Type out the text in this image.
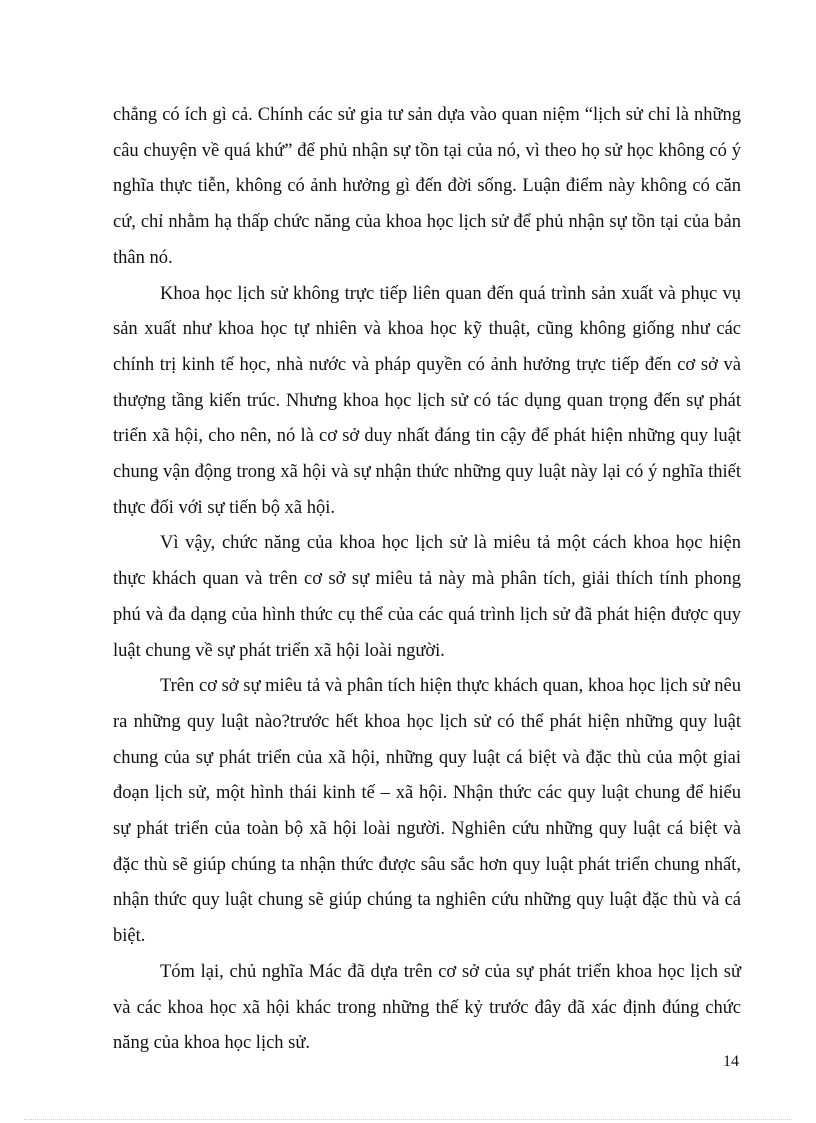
chẳng có ích gì cả. Chính các sử gia tư sản dựa vào quan niệm “lịch sử chỉ là những câu chuyện về quá khứ” để phủ nhận sự tồn tại của nó, vì theo họ sử học không có ý nghĩa thực tiễn, không có ảnh hưởng gì đến đời sống. Luận điểm này không có căn cứ, chỉ nhằm hạ thấp chức năng của khoa học lịch sử để phủ nhận sự tồn tại của bản thân nó.

Khoa học lịch sử không trực tiếp liên quan đến quá trình sản xuất và phục vụ sản xuất như khoa học tự nhiên và khoa học kỹ thuật, cũng không giống như các chính trị kinh tế học, nhà nước và pháp quyền có ảnh hưởng trực tiếp đến cơ sở và thượng tầng kiến trúc. Nhưng khoa học lịch sử có tác dụng quan trọng đến sự phát triển xã hội, cho nên, nó là cơ sở duy nhất đáng tin cậy để phát hiện những quy luật chung vận động trong xã hội và sự nhận thức những quy luật này lại có ý nghĩa thiết thực đối với sự tiến bộ xã hội.

Vì vậy, chức năng của khoa học lịch sử là miêu tả một cách khoa học hiện thực khách quan và trên cơ sở sự miêu tả này mà phân tích, giải thích tính phong phú và đa dạng của hình thức cụ thể của các quá trình lịch sử đã phát hiện được quy luật chung về sự phát triển xã hội loài người.

Trên cơ sở sự miêu tả và phân tích hiện thực khách quan, khoa học lịch sử nêu ra những quy luật nào?trước hết khoa học lịch sử có thể phát hiện những quy luật chung của sự phát triển của xã hội, những quy luật cá biệt và đặc thù của một giai đoạn lịch sử, một hình thái kinh tế – xã hội. Nhận thức các quy luật chung để hiểu sự phát triển của toàn bộ xã hội loài người. Nghiên cứu những quy luật cá biệt và đặc thù sẽ giúp chúng ta nhận thức được sâu sắc hơn quy luật phát triển chung nhất, nhận thức quy luật chung sẽ giúp chúng ta nghiên cứu những quy luật đặc thù và cá biệt.

Tóm lại, chủ nghĩa Mác đã dựa trên cơ sở của sự phát triển khoa học lịch sử và các khoa học xã hội khác trong những thế kỷ trước đây đã xác định đúng chức năng của khoa học lịch sử.

14
